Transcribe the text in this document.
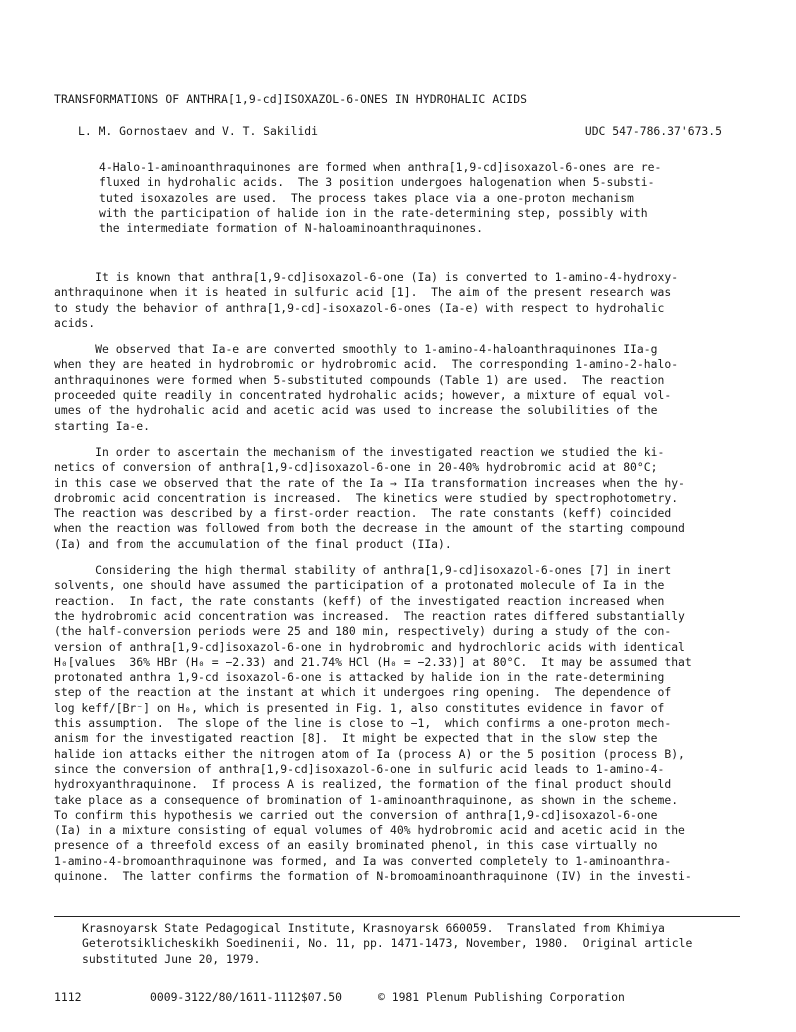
TRANSFORMATIONS OF ANTHRA[1,9-cd]ISOXAZOL-6-ONES IN HYDROHALIC ACIDS
L. M. Gornostaev and V. T. Sakilidi	UDC 547-786.37'673.5
4-Halo-1-aminoanthraquinones are formed when anthra[1,9-cd]isoxazol-6-ones are re-
fluxed in hydrohalic acids.  The 3 position undergoes halogenation when 5-substi-
tuted isoxazoles are used.  The process takes place via a one-proton mechanism
with the participation of halide ion in the rate-determining step, possibly with
the intermediate formation of N-haloaminoanthraquinones.
It is known that anthra[1,9-cd]isoxazol-6-one (Ia) is converted to 1-amino-4-hydroxy-
anthraquinone when it is heated in sulfuric acid [1].  The aim of the present research was
to study the behavior of anthra[1,9-cd]-isoxazol-6-ones (Ia-e) with respect to hydrohalic
acids.
We observed that Ia-e are converted smoothly to 1-amino-4-haloanthraquinones IIa-g
when they are heated in hydrobromic or hydrobromic acid.  The corresponding 1-amino-2-halo-
anthraquinones were formed when 5-substituted compounds (Table 1) are used.  The reaction
proceeded quite readily in concentrated hydrohalic acids; however, a mixture of equal vol-
umes of the hydrohalic acid and acetic acid was used to increase the solubilities of the
starting Ia-e.
In order to ascertain the mechanism of the investigated reaction we studied the ki-
netics of conversion of anthra[1,9-cd]isoxazol-6-one in 20-40% hydrobromic acid at 80°C;
in this case we observed that the rate of the Ia → IIa transformation increases when the hy-
drobromic acid concentration is increased.  The kinetics were studied by spectrophotometry.
The reaction was described by a first-order reaction.  The rate constants (keff) coincided
when the reaction was followed from both the decrease in the amount of the starting compound
(Ia) and from the accumulation of the final product (IIa).
Considering the high thermal stability of anthra[1,9-cd]isoxazol-6-ones [7] in inert
solvents, one should have assumed the participation of a protonated molecule of Ia in the
reaction.  In fact, the rate constants (keff) of the investigated reaction increased when
the hydrobromic acid concentration was increased.  The reaction rates differed substantially
(the half-conversion periods were 25 and 180 min, respectively) during a study of the con-
version of anthra[1,9-cd]isoxazol-6-one in hydrobromic and hydrochloric acids with identical
H₀[values  36% HBr (H₀ = −2.33) and 21.74% HCl (H₀ = −2.33)] at 80°C.  It may be assumed that
protonated anthra 1,9-cd isoxazol-6-one is attacked by halide ion in the rate-determining
step of the reaction at the instant at which it undergoes ring opening.  The dependence of
log keff/[Br⁻] on H₀, which is presented in Fig. 1, also constitutes evidence in favor of
this assumption.  The slope of the line is close to −1,  which confirms a one-proton mech-
anism for the investigated reaction [8].  It might be expected that in the slow step the
halide ion attacks either the nitrogen atom of Ia (process A) or the 5 position (process B),
since the conversion of anthra[1,9-cd]isoxazol-6-one in sulfuric acid leads to 1-amino-4-
hydroxyanthraquinone.  If process A is realized, the formation of the final product should
take place as a consequence of bromination of 1-aminoanthraquinone, as shown in the scheme.
To confirm this hypothesis we carried out the conversion of anthra[1,9-cd]isoxazol-6-one
(Ia) in a mixture consisting of equal volumes of 40% hydrobromic acid and acetic acid in the
presence of a threefold excess of an easily brominated phenol, in this case virtually no
1-amino-4-bromoanthraquinone was formed, and Ia was converted completely to 1-aminoanthra-
quinone.  The latter confirms the formation of N-bromoaminoanthraquinone (IV) in the investi-
Krasnoyarsk State Pedagogical Institute, Krasnoyarsk 660059.  Translated from Khimiya
Geterotsiklicheskikh Soedinenii, No. 11, pp. 1471-1473, November, 1980.  Original article
substituted June 20, 1979.
1112	0009-3122/80/1611-1112$07.50	© 1981 Plenum Publishing Corporation
